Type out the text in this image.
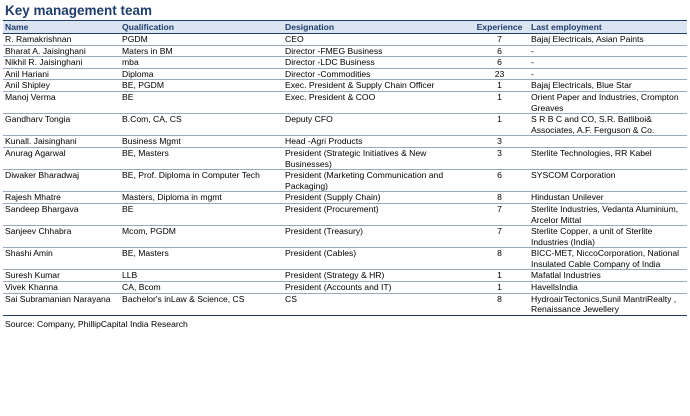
Key management team
Name	Qualification	Designation	Experience	Last employment
R. Ramakrishnan	PGDM	CEO	7	Bajaj Electricals, Asian Paints
Bharat A. Jaisinghani	Maters in BM	Director -FMEG Business	6	-
Nikhil R. Jaisinghani	mba	Director -LDC Business	6	-
Anil Hariani	Diploma	Director -Commodities	23	-
Anil Shipley	BE, PGDM	Exec. President & Supply Chain Officer	1	Bajaj Electricals, Blue Star
Manoj Verma	BE	Exec. President & COO	1	Orient Paper and Industries, Crompton Greaves
Gandharv Tongia	B.Com, CA, CS	Deputy CFO	1	S R B C and CO, S.R. Batliboi& Associates, A.F. Ferguson & Co.
Kunall. Jaisinghani	Business Mgmt	Head -Agri Products	3	
Anurag Agarwal	BE, Masters	President (Strategic Initiatives & New Businesses)	3	Sterlite Technologies, RR Kabel
Diwaker Bharadwaj	BE, Prof. Diploma in Computer Tech	President (Marketing Communication and Packaging)	6	SYSCOM Corporation
Rajesh Mhatre	Masters, Diploma in mgmt	President (Supply Chain)	8	Hindustan Unilever
Sandeep Bhargava	BE	President (Procurement)	7	Sterlite Industries, Vedanta Aluminium, Arcelor Mittal
Sanjeev Chhabra	Mcom, PGDM	President (Treasury)	7	Sterlite Copper, a unit of Sterlite Industries (India)
Shashi Amin	BE, Masters	President (Cables)	8	BICC-MET, NiccoCorporation, National Insulated Cable Company of India
Suresh Kumar	LLB	President (Strategy & HR)	1	Mafatlal Industries
Vivek Khanna	CA, Bcom	President (Accounts and IT)	1	HavellsIndia
Sai Subramanian Narayana	Bachelor's inLaw & Science, CS	CS	8	HydroairTectonics,Sunil MantriRealty , Renaissance Jewellery
Source: Company, PhillipCapital India Research
